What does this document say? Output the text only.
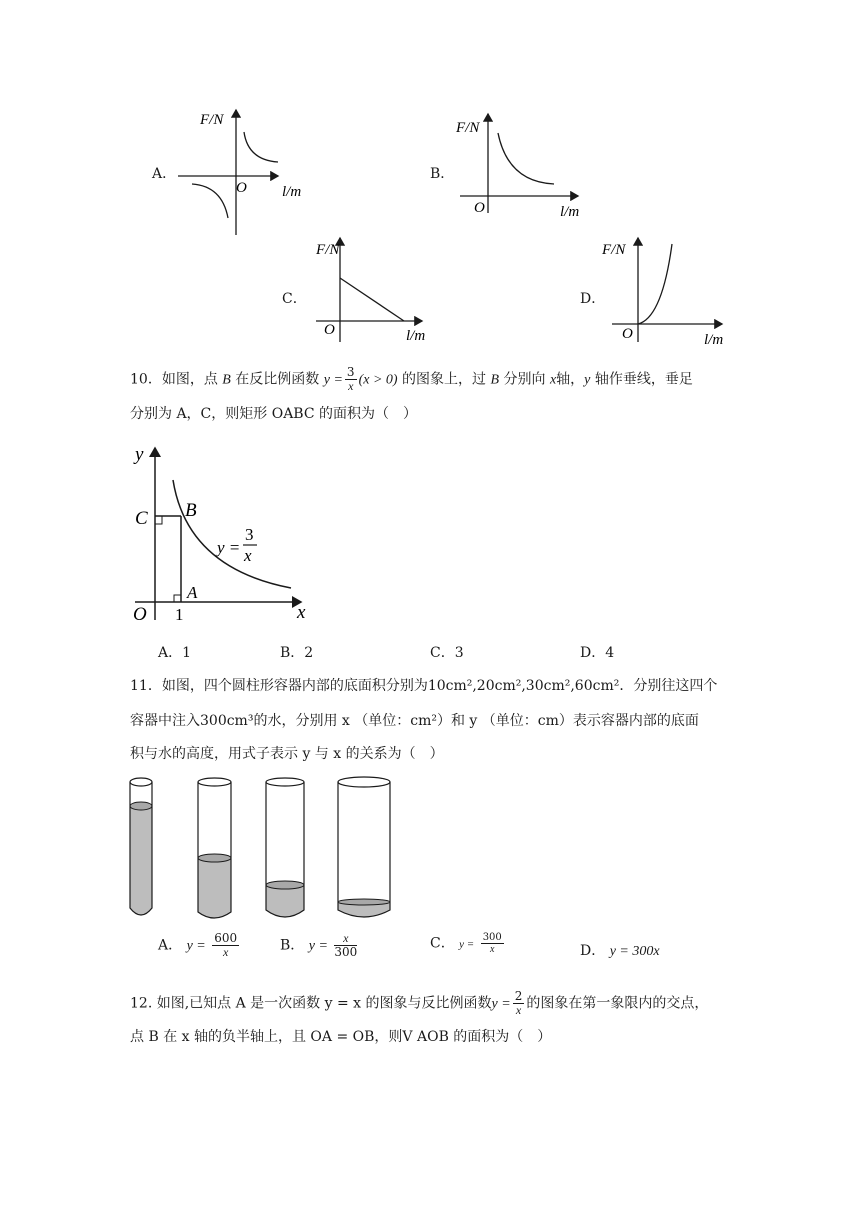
A．
F/N
O l/m
B．
F/N
O	l/m
C．
F/N
O	l/m
D．
F/N
O	l/m
10．如图，点 B 在反比例函数 $y = \frac{3}{x} (x > 0)$ 的图象上，过 B 分别向 x轴，y 轴作垂线，垂足
分别为 A，C，则矩形 OABC 的面积为（　）
y
x
O
C B
A
1
y =
3
x
A．1	B．2	C．3	D．4
11．如图，四个圆柱形容器内部的底面积分别为10cm²,20cm²,30cm²,60cm²．分别往这四个
容器中注入300cm³的水，分别用 x （单位：cm²）和 y （单位：cm）表示容器内部的底面
积与水的高度，用式子表示 y 与 x 的关系为（　）
A． $y = \frac{600}{x}$	B． $y = \frac{x}{300}$	C． $y = \frac{300}{x}$	D． y = 300x
12. 如图,已知点 A 是一次函数 y = x 的图象与反比例函数$y = \frac{2}{x}$ 的图象在第一象限内的交点，
点 B 在 x 轴的负半轴上，且 OA = OB，则V AOB 的面积为（　）
